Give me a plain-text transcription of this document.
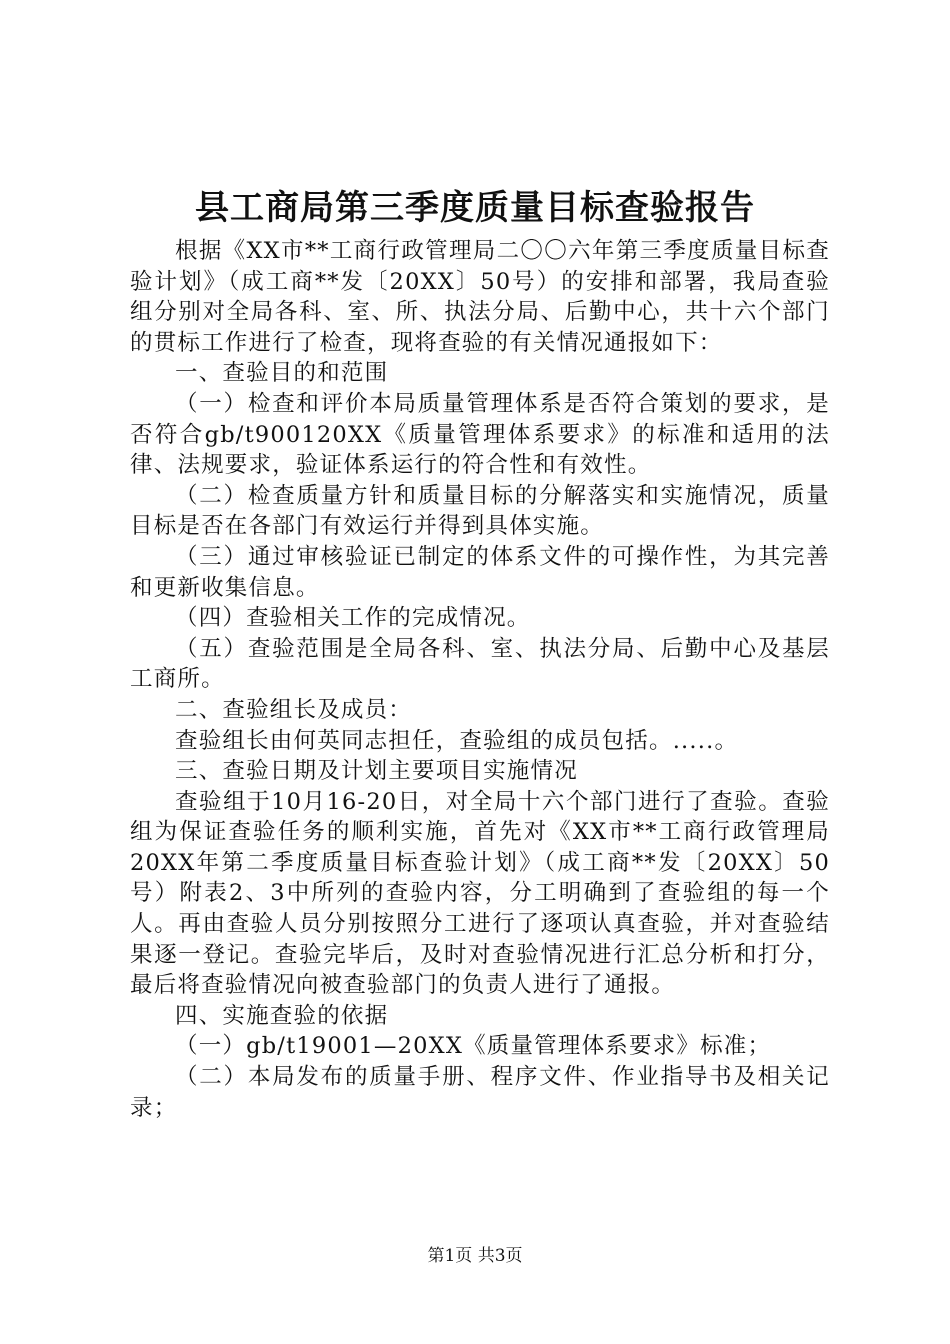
县工商局第三季度质量目标查验报告

根据《XX市**工商行政管理局二〇〇六年第三季度质量目标查验计划》（成工商**发〔20XX〕50号）的安排和部署，我局查验组分别对全局各科、室、所、执法分局、后勤中心，共十六个部门的贯标工作进行了检查，现将查验的有关情况通报如下：

一、查验目的和范围

（一）检查和评价本局质量管理体系是否符合策划的要求，是否符合gb/t900120XX《质量管理体系要求》的标准和适用的法律、法规要求，验证体系运行的符合性和有效性。

（二）检查质量方针和质量目标的分解落实和实施情况，质量目标是否在各部门有效运行并得到具体实施。

（三）通过审核验证已制定的体系文件的可操作性，为其完善和更新收集信息。

（四）查验相关工作的完成情况。

（五）查验范围是全局各科、室、执法分局、后勤中心及基层工商所。

二、查验组长及成员：

查验组长由何英同志担任，查验组的成员包括。.....。

三、查验日期及计划主要项目实施情况

查验组于10月16-20日，对全局十六个部门进行了查验。查验组为保证查验任务的顺利实施，首先对《XX市**工商行政管理局20XX年第二季度质量目标查验计划》（成工商**发〔20XX〕50号）附表2、3中所列的查验内容，分工明确到了查验组的每一个人。再由查验人员分别按照分工进行了逐项认真查验，并对查验结果逐一登记。查验完毕后，及时对查验情况进行汇总分析和打分，最后将查验情况向被查验部门的负责人进行了通报。

四、实施查验的依据

（一）gb/t19001—20XX《质量管理体系要求》标准；

（二）本局发布的质量手册、程序文件、作业指导书及相关记录；

第1页 共3页
